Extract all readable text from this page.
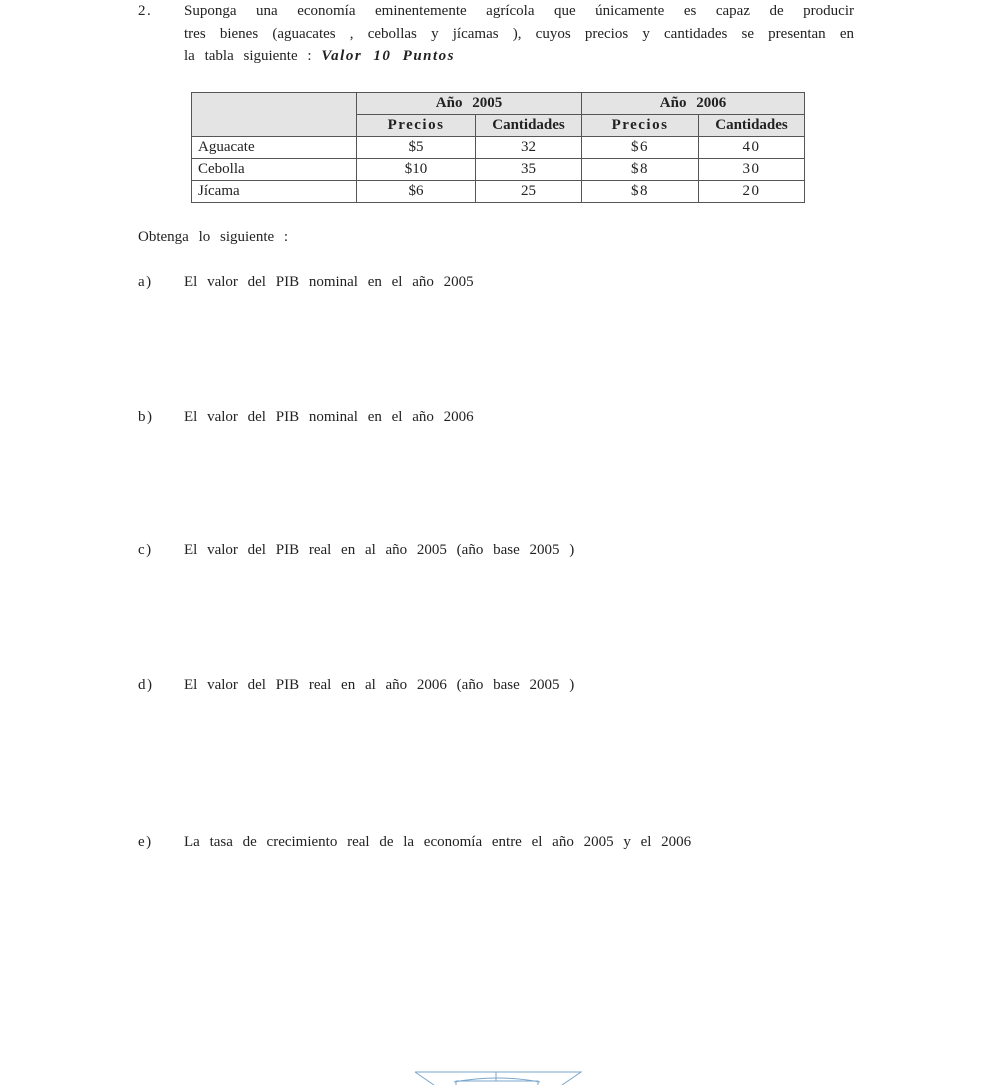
2. Suponga una economía eminentemente agrícola que únicamente es capaz de producir
tres bienes (aguacates , cebollas y jícamas ), cuyos precios y cantidades se presentan en
la tabla siguiente : Valor 10 Puntos
	Año 2005		Año 2006	
	Precios	Cantidades	Precios	Cantidades
Aguacate	$5	32	$6	40
Cebolla	$10	35	$8	30
Jícama	$6	25	$8	20
Obtenga lo siguiente :
a) El valor del PIB nominal en el año 2005
b) El valor del PIB nominal en el año 2006
c) El valor del PIB real en al año 2005 (año base 2005 )
d) El valor del PIB real en al año 2006 (año base 2005 )
e) La tasa de crecimiento real de la economía entre el año 2005 y el 2006
